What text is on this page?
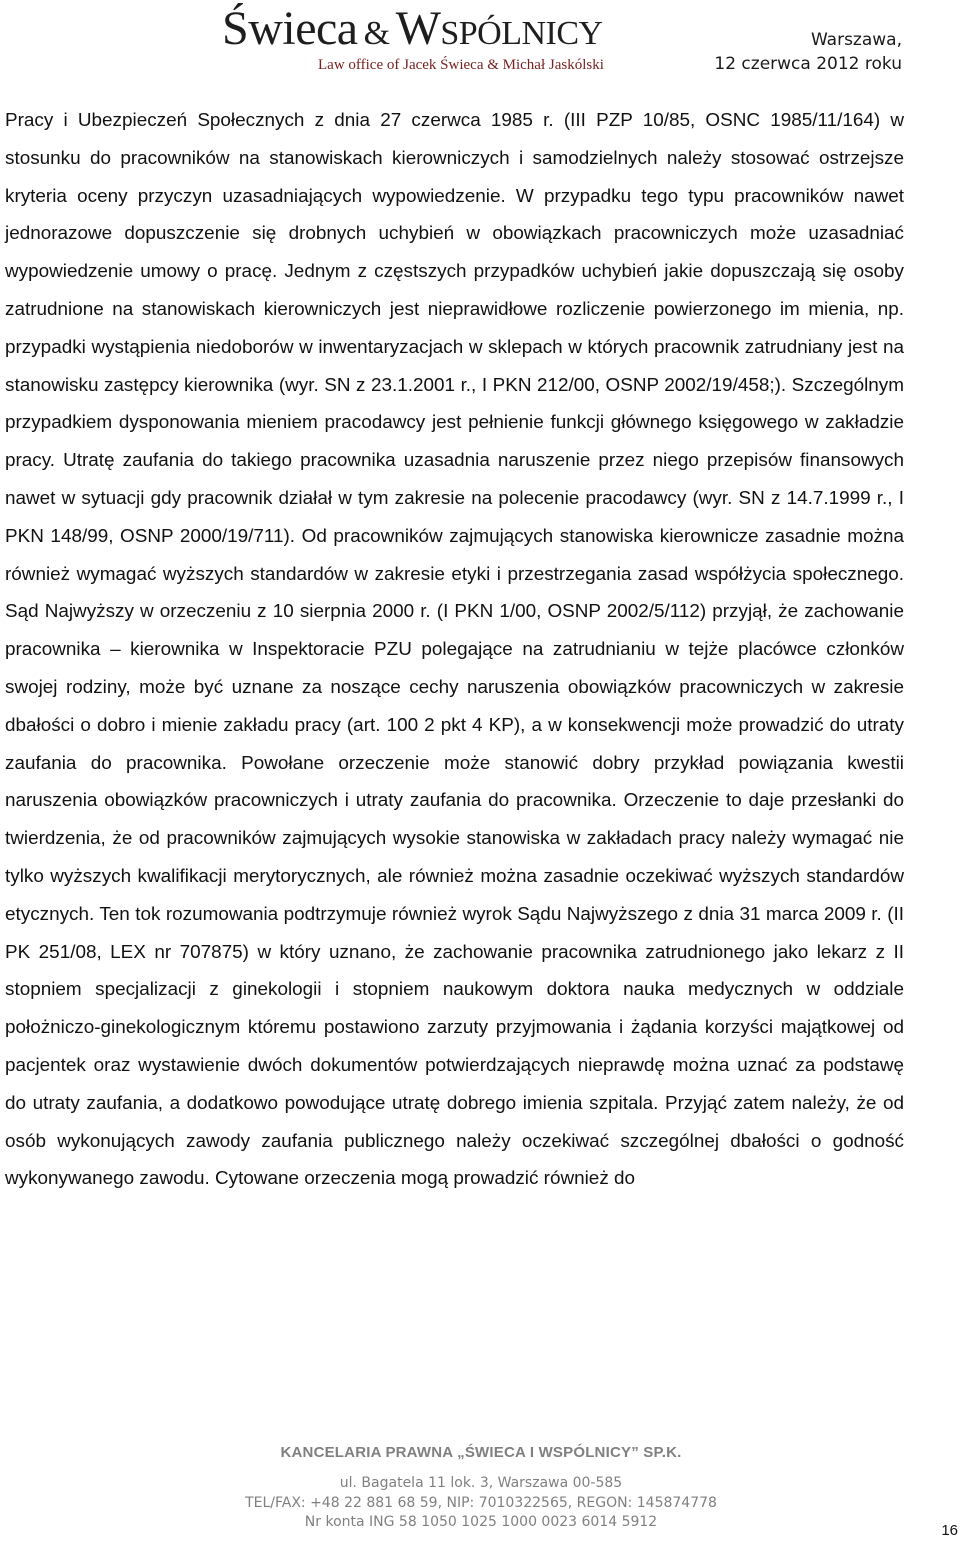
Świeca & Wspólnicy
Law office of Jacek Świeca & Michał Jaskólski
Warszawa,
12 czerwca 2012 roku

Pracy i Ubezpieczeń Społecznych z dnia 27 czerwca 1985 r. (III PZP 10/85, OSNC 1985/11/164) w stosunku do pracowników na stanowiskach kierowniczych i samodzielnych należy stosować ostrzejsze kryteria oceny przyczyn uzasadniających wypowiedzenie. W przypadku tego typu pracowników nawet jednorazowe dopuszczenie się drobnych uchybień w obowiązkach pracowniczych może uzasadniać wypowiedzenie umowy o pracę. Jednym z częstszych przypadków uchybień jakie dopuszczają się osoby zatrudnione na stanowiskach kierowniczych jest nieprawidłowe rozliczenie powierzonego im mienia, np. przypadki wystąpienia niedoborów w inwentaryzacjach w sklepach w których pracownik zatrudniany jest na stanowisku zastępcy kierownika (wyr. SN z 23.1.2001 r., I PKN 212/00, OSNP 2002/19/458;). Szczególnym przypadkiem dysponowania mieniem pracodawcy jest pełnienie funkcji głównego księgowego w zakładzie pracy. Utratę zaufania do takiego pracownika uzasadnia naruszenie przez niego przepisów finansowych nawet w sytuacji gdy pracownik działał w tym zakresie na polecenie pracodawcy (wyr. SN z 14.7.1999 r., I PKN 148/99, OSNP 2000/19/711). Od pracowników zajmujących stanowiska kierownicze zasadnie można również wymagać wyższych standardów w zakresie etyki i przestrzegania zasad współżycia społecznego. Sąd Najwyższy w orzeczeniu z 10 sierpnia 2000 r. (I PKN 1/00, OSNP 2002/5/112) przyjął, że zachowanie pracownika – kierownika w Inspektoracie PZU polegające na zatrudnianiu w tejże placówce członków swojej rodziny, może być uznane za noszące cechy naruszenia obowiązków pracowniczych w zakresie dbałości o dobro i mienie zakładu pracy (art. 100 2 pkt 4 KP), a w konsekwencji może prowadzić do utraty zaufania do pracownika. Powołane orzeczenie może stanowić dobry przykład powiązania kwestii naruszenia obowiązków pracowniczych i utraty zaufania do pracownika. Orzeczenie to daje przesłanki do twierdzenia, że od pracowników zajmujących wysokie stanowiska w zakładach pracy należy wymagać nie tylko wyższych kwalifikacji merytorycznych, ale również można zasadnie oczekiwać wyższych standardów etycznych. Ten tok rozumowania podtrzymuje również wyrok Sądu Najwyższego z dnia 31 marca 2009 r. (II PK 251/08, LEX nr 707875) w który uznano, że zachowanie pracownika zatrudnionego jako lekarz z II stopniem specjalizacji z ginekologii i stopniem naukowym doktora nauka medycznych w oddziale położniczo-ginekologicznym któremu postawiono zarzuty przyjmowania i żądania korzyści majątkowej od pacjentek oraz wystawienie dwóch dokumentów potwierdzających nieprawdę można uznać za podstawę do utraty zaufania, a dodatkowo powodujące utratę dobrego imienia szpitala. Przyjąć zatem należy, że od osób wykonujących zawody zaufania publicznego należy oczekiwać szczególnej dbałości o godność wykonywanego zawodu. Cytowane orzeczenia mogą prowadzić również do

KANCELARIA PRAWNA „ŚWIECA I WSPÓLNICY” SP.K.
ul. Bagatela 11 lok. 3, Warszawa 00-585
TEL/FAX: +48 22 881 68 59, NIP: 7010322565, REGON: 145874778
Nr konta ING 58 1050 1025 1000 0023 6014 5912	16
